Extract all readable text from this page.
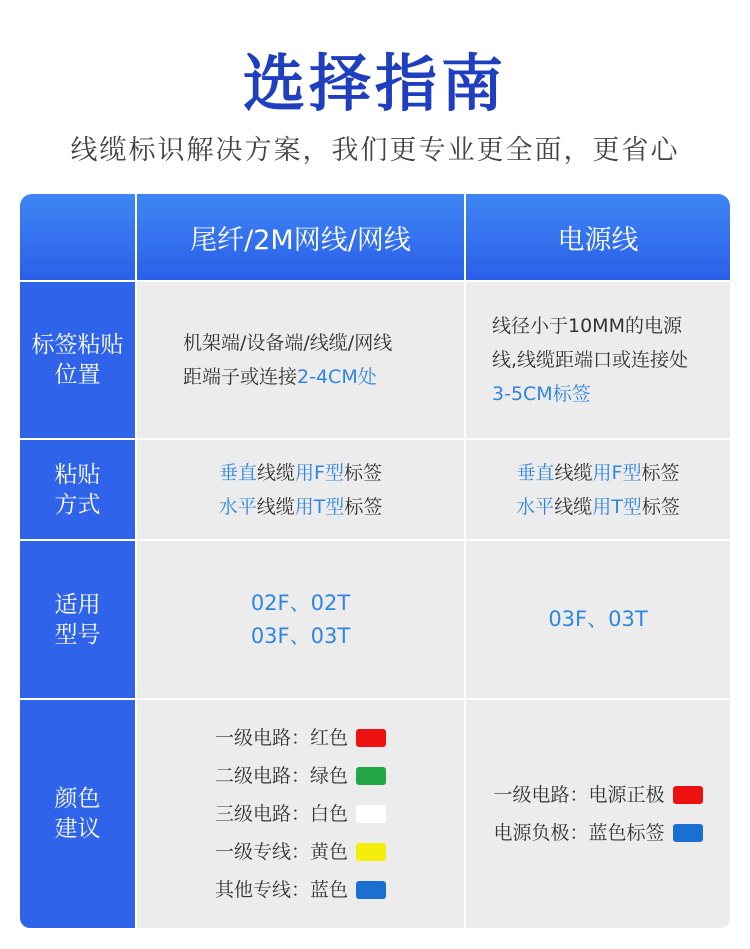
选择指南
线缆标识解决方案，我们更专业更全面，更省心
尾纤/2M网线/网线	电源线
标签粘贴
位置
机架端/设备端/线缆/网线
距端子或连接2-4CM处
线径小于10MM的电源
线,线缆距端口或连接处
3-5CM标签
粘贴
方式
垂直线缆用F型标签
水平线缆用T型标签
垂直线缆用F型标签
水平线缆用T型标签
适用
型号
02F、02T
03F、03T
03F、03T
颜色
建议
一级电路：红色
二级电路：绿色
三级电路：白色
一级专线：黄色
其他专线：蓝色
一级电路：电源正极
电源负极：蓝色标签
